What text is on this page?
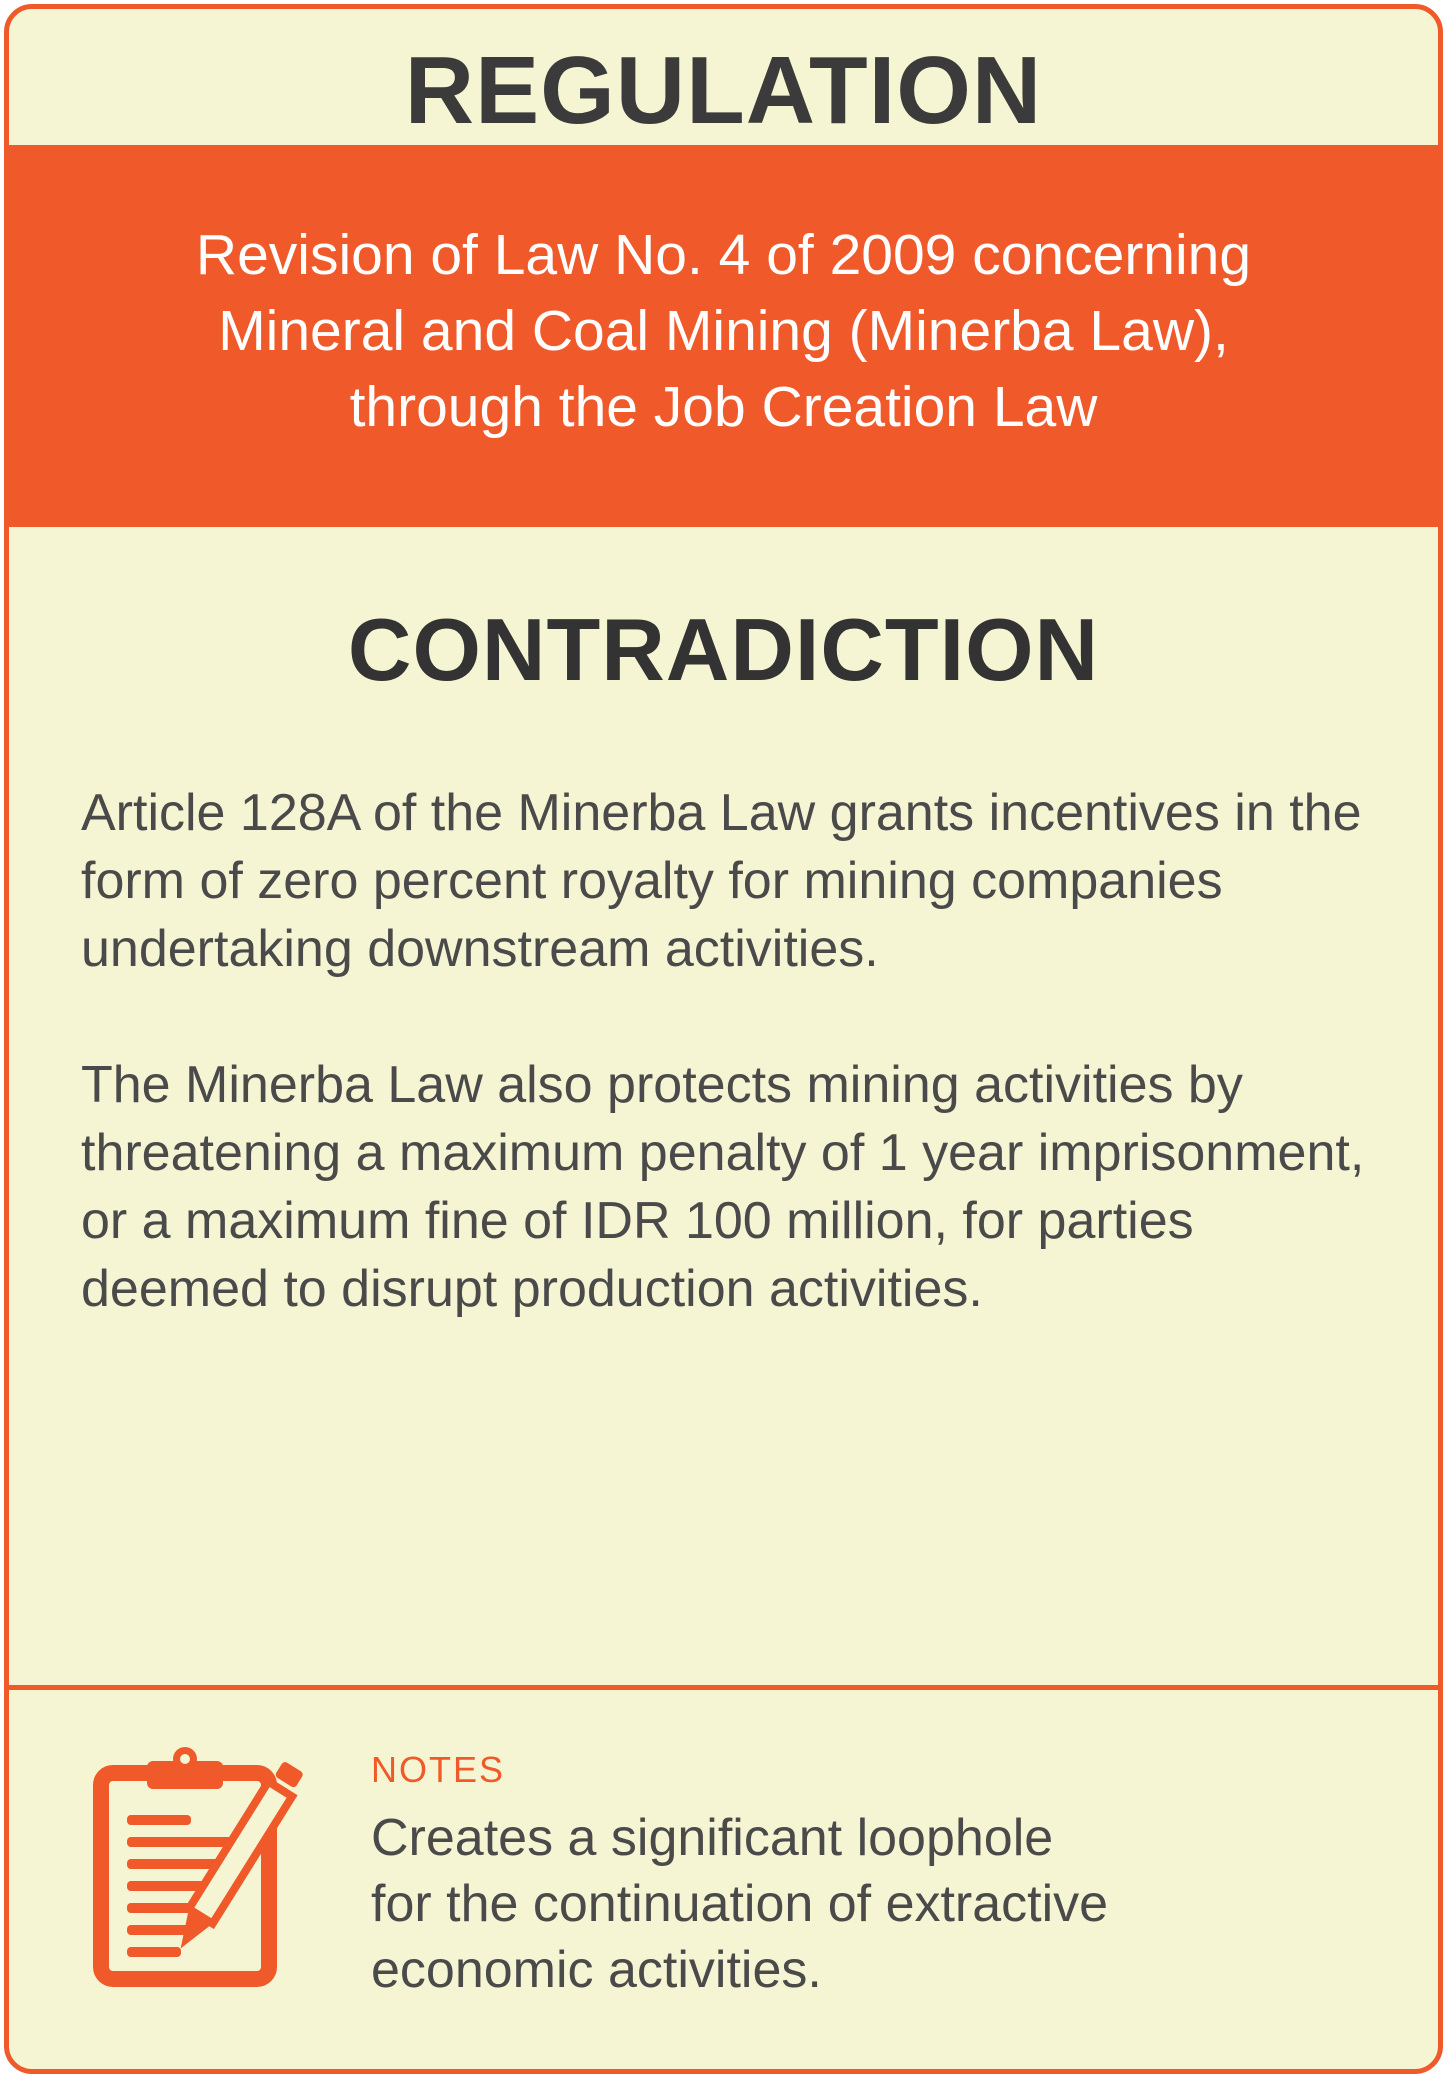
REGULATION
Revision of Law No. 4 of 2009 concerning
Mineral and Coal Mining (Minerba Law),
through the Job Creation Law
CONTRADICTION

Article 128A of the Minerba Law grants incentives in the form of zero percent royalty for mining companies undertaking downstream activities.

The Minerba Law also protects mining activities by threatening a maximum penalty of 1 year imprisonment, or a maximum fine of IDR 100 million, for parties deemed to disrupt production activities.

NOTES
Creates a significant loophole
for the continuation of extractive
economic activities.
